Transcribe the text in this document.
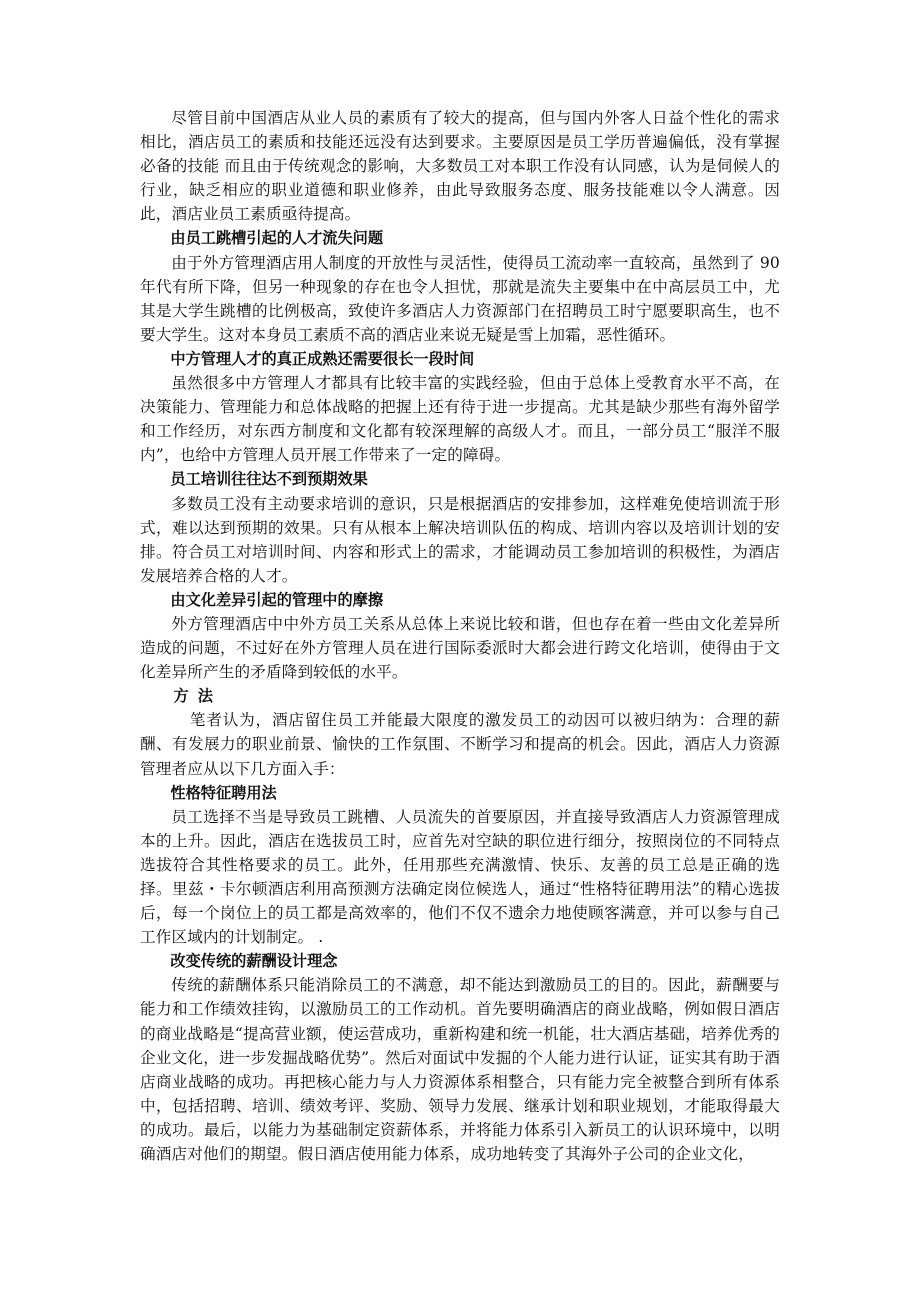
尽管目前中国酒店从业人员的素质有了较大的提高，但与国内外客人日益个性化的需求相比，酒店员工的素质和技能还远没有达到要求。主要原因是员工学历普遍偏低，没有掌握必备的技能 而且由于传统观念的影响，大多数员工对本职工作没有认同感，认为是伺候人的行业，缺乏相应的职业道德和职业修养，由此导致服务态度、服务技能难以令人满意。因此，酒店业员工素质亟待提高。

由员工跳槽引起的人才流失问题

由于外方管理酒店用人制度的开放性与灵活性，使得员工流动率一直较高，虽然到了 90 年代有所下降，但另一种现象的存在也令人担忧，那就是流失主要集中在中高层员工中，尤其是大学生跳槽的比例极高，致使许多酒店人力资源部门在招聘员工时宁愿要职高生，也不要大学生。这对本身员工素质不高的酒店业来说无疑是雪上加霜，恶性循环。

中方管理人才的真正成熟还需要很长一段时间

虽然很多中方管理人才都具有比较丰富的实践经验，但由于总体上受教育水平不高，在决策能力、管理能力和总体战略的把握上还有待于进一步提高。尤其是缺少那些有海外留学和工作经历，对东西方制度和文化都有较深理解的高级人才。而且，一部分员工“服洋不服内”，也给中方管理人员开展工作带来了一定的障碍。

员工培训往往达不到预期效果

多数员工没有主动要求培训的意识，只是根据酒店的安排参加，这样难免使培训流于形式，难以达到预期的效果。只有从根本上解决培训队伍的构成、培训内容以及培训计划的安排。符合员工对培训时间、内容和形式上的需求，才能调动员工参加培训的积极性，为酒店发展培养合格的人才。

由文化差异引起的管理中的摩擦

外方管理酒店中中外方员工关系从总体上来说比较和谐，但也存在着一些由文化差异所造成的问题，不过好在外方管理人员在进行国际委派时大都会进行跨文化培训，使得由于文化差异所产生的矛盾降到较低的水平。

方法

笔者认为，酒店留住员工并能最大限度的激发员工的动因可以被归纳为：合理的薪酬、有发展力的职业前景、愉快的工作氛围、不断学习和提高的机会。因此，酒店人力资源管理者应从以下几方面入手：

性格特征聘用法

员工选择不当是导致员工跳槽、人员流失的首要原因，并直接导致酒店人力资源管理成本的上升。因此，酒店在选拔员工时，应首先对空缺的职位进行细分，按照岗位的不同特点选拔符合其性格要求的员工。此外，任用那些充满激情、快乐、友善的员工总是正确的选择。里兹・卡尔顿酒店利用高预测方法确定岗位候选人，通过“性格特征聘用法”的精心选拔后，每一个岗位上的员工都是高效率的，他们不仅不遗余力地使顾客满意，并可以参与自己工作区域内的计划制定。 .

改变传统的薪酬设计理念

传统的薪酬体系只能消除员工的不满意，却不能达到激励员工的目的。因此，薪酬要与能力和工作绩效挂钩，以激励员工的工作动机。首先要明确酒店的商业战略，例如假日酒店的商业战略是“提高营业额，使运营成功，重新构建和统一机能，壮大酒店基础，培养优秀的企业文化，进一步发掘战略优势”。然后对面试中发掘的个人能力进行认证，证实其有助于酒店商业战略的成功。再把核心能力与人力资源体系相整合，只有能力完全被整合到所有体系中，包括招聘、培训、绩效考评、奖励、领导力发展、继承计划和职业规划，才能取得最大的成功。最后，以能力为基础制定资薪体系，并将能力体系引入新员工的认识环境中，以明确酒店对他们的期望。假日酒店使用能力体系，成功地转变了其海外子公司的企业文化，
